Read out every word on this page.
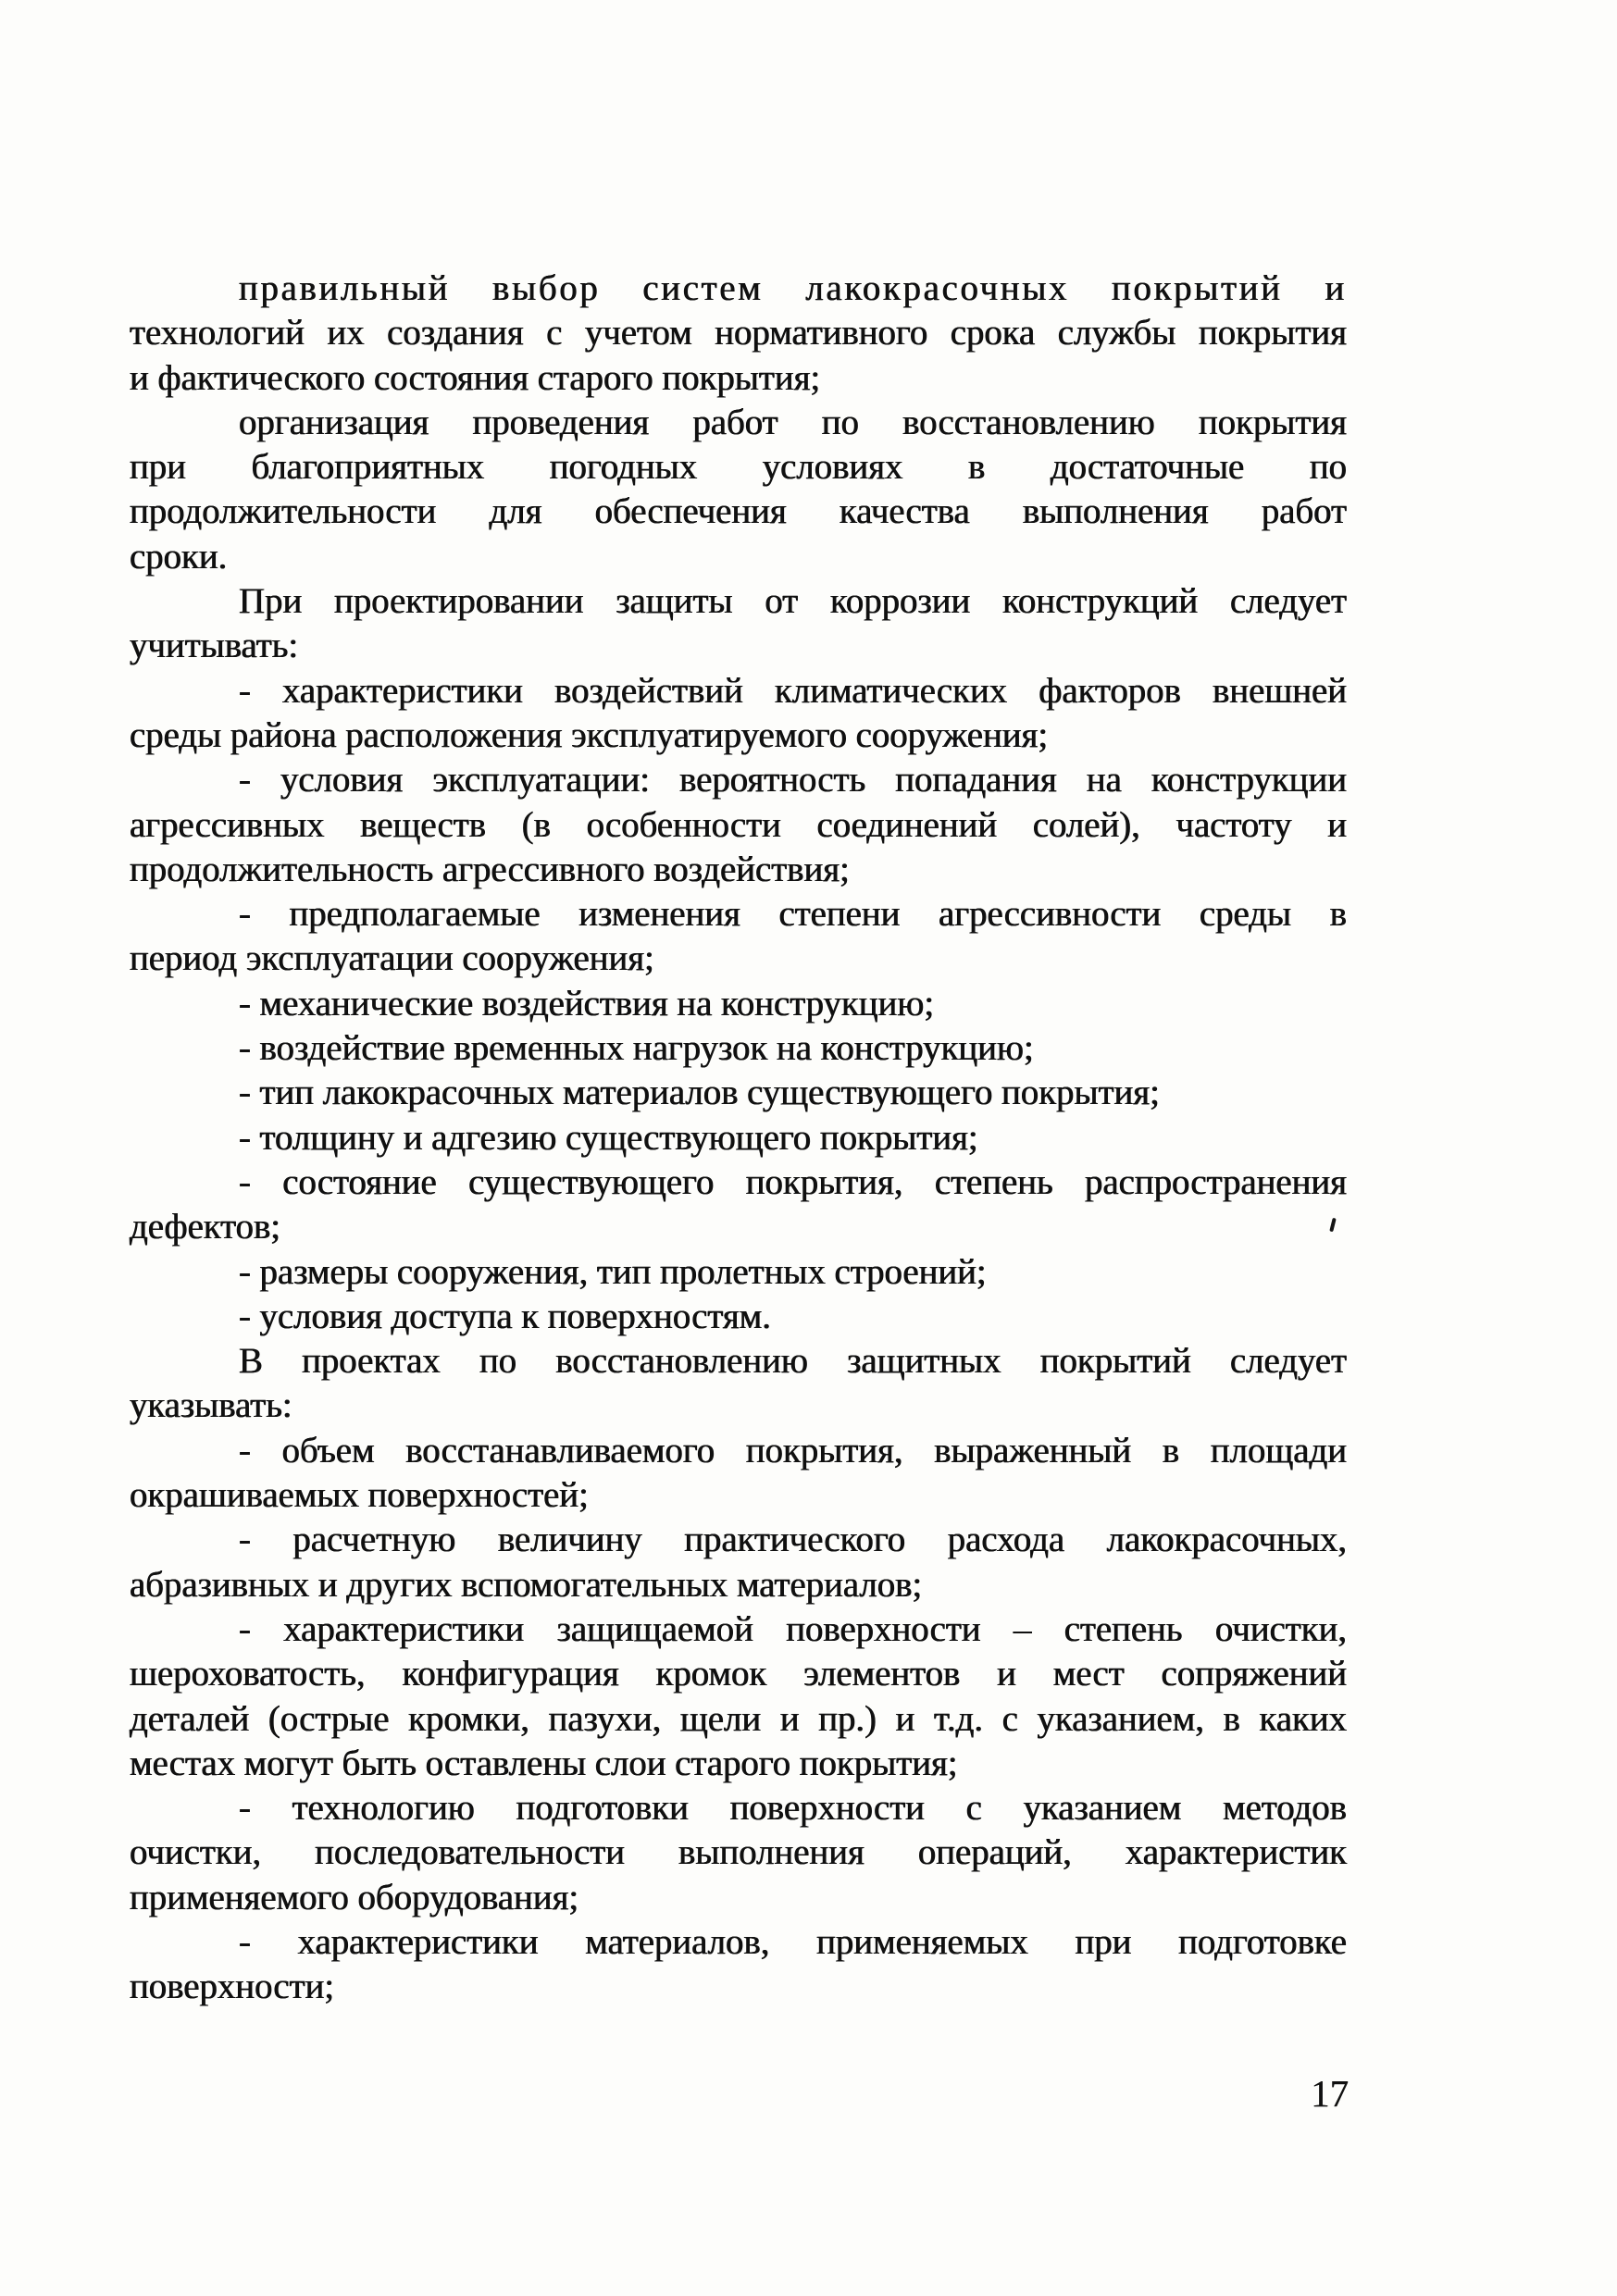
правильный выбор систем лакокрасочных покрытий и
технологий их создания с учетом нормативного срока службы покрытия
и фактического состояния старого покрытия;
организация проведения работ по восстановлению покрытия
при благоприятных погодных условиях в достаточные по
продолжительности для обеспечения качества выполнения работ
сроки.
При проектировании защиты от коррозии конструкций следует
учитывать:
- характеристики воздействий климатических факторов внешней
среды района расположения эксплуатируемого сооружения;
- условия эксплуатации: вероятность попадания на конструкции
агрессивных веществ (в особенности соединений солей), частоту и
продолжительность агрессивного воздействия;
- предполагаемые изменения степени агрессивности среды в
период эксплуатации сооружения;
- механические воздействия на конструкцию;
- воздействие временных нагрузок на конструкцию;
- тип лакокрасочных материалов существующего покрытия;
- толщину и адгезию существующего покрытия;
- состояние существующего покрытия, степень распространения
дефектов;
- размеры сооружения, тип пролетных строений;
- условия доступа к поверхностям.
В проектах по восстановлению защитных покрытий следует
указывать:
- объем восстанавливаемого покрытия, выраженный в площади
окрашиваемых поверхностей;
- расчетную величину практического расхода лакокрасочных,
абразивных и других вспомогательных материалов;
- характеристики защищаемой поверхности – степень очистки,
шероховатость, конфигурация кромок элементов и мест сопряжений
деталей (острые кромки, пазухи, щели и пр.) и т.д. с указанием, в каких
местах могут быть оставлены слои старого покрытия;
- технологию подготовки поверхности с указанием методов
очистки, последовательности выполнения операций, характеристик
применяемого оборудования;
- характеристики материалов, применяемых при подготовке
поверхности;
17
